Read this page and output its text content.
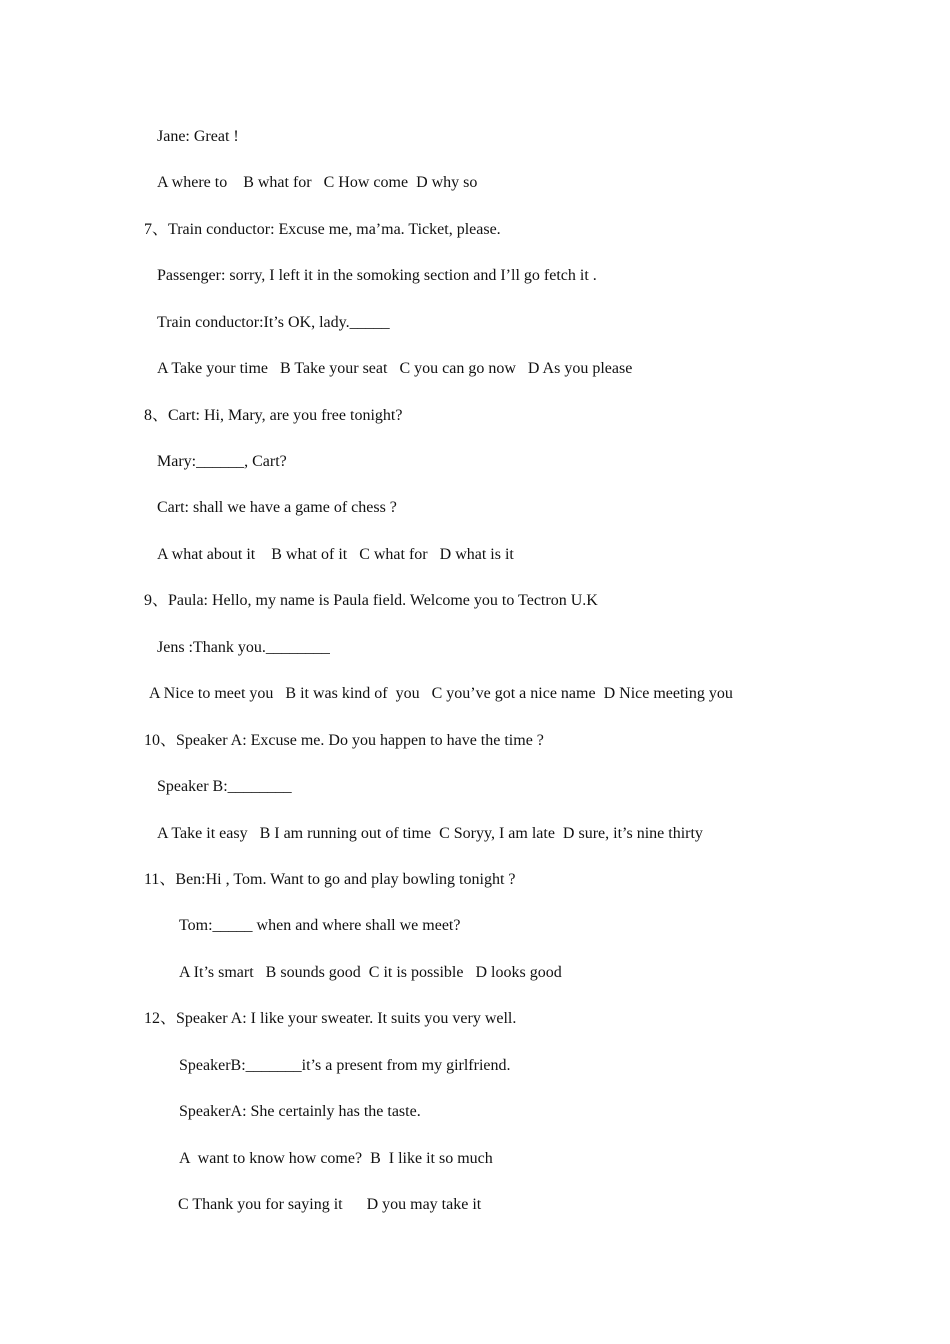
Jane: Great !

A where to    B what for   C How come  D why so

7、Train conductor: Excuse me, ma’ma. Ticket, please.

Passenger: sorry, I left it in the somoking section and I’ll go fetch it .

Train conductor:It’s OK, lady._____

A Take your time   B Take your seat   C you can go now   D As you please

8、Cart: Hi, Mary, are you free tonight?

Mary:______, Cart?

Cart: shall we have a game of chess ?

A what about it    B what of it   C what for   D what is it

9、Paula: Hello, my name is Paula field. Welcome you to Tectron U.K

Jens :Thank you.________

A Nice to meet you   B it was kind of  you   C you’ve got a nice name  D Nice meeting you

10、Speaker A: Excuse me. Do you happen to have the time ?

Speaker B:________

A Take it easy   B I am running out of time  C Soryy, I am late  D sure, it’s nine thirty

11、Ben:Hi , Tom. Want to go and play bowling tonight ?

Tom:_____ when and where shall we meet?

A It’s smart   B sounds good  C it is possible   D looks good

12、Speaker A: I like your sweater. It suits you very well.

SpeakerB:_______it’s a present from my girlfriend.

SpeakerA: She certainly has the taste.

A  want to know how come?  B  I like it so much

C Thank you for saying it      D you may take it
